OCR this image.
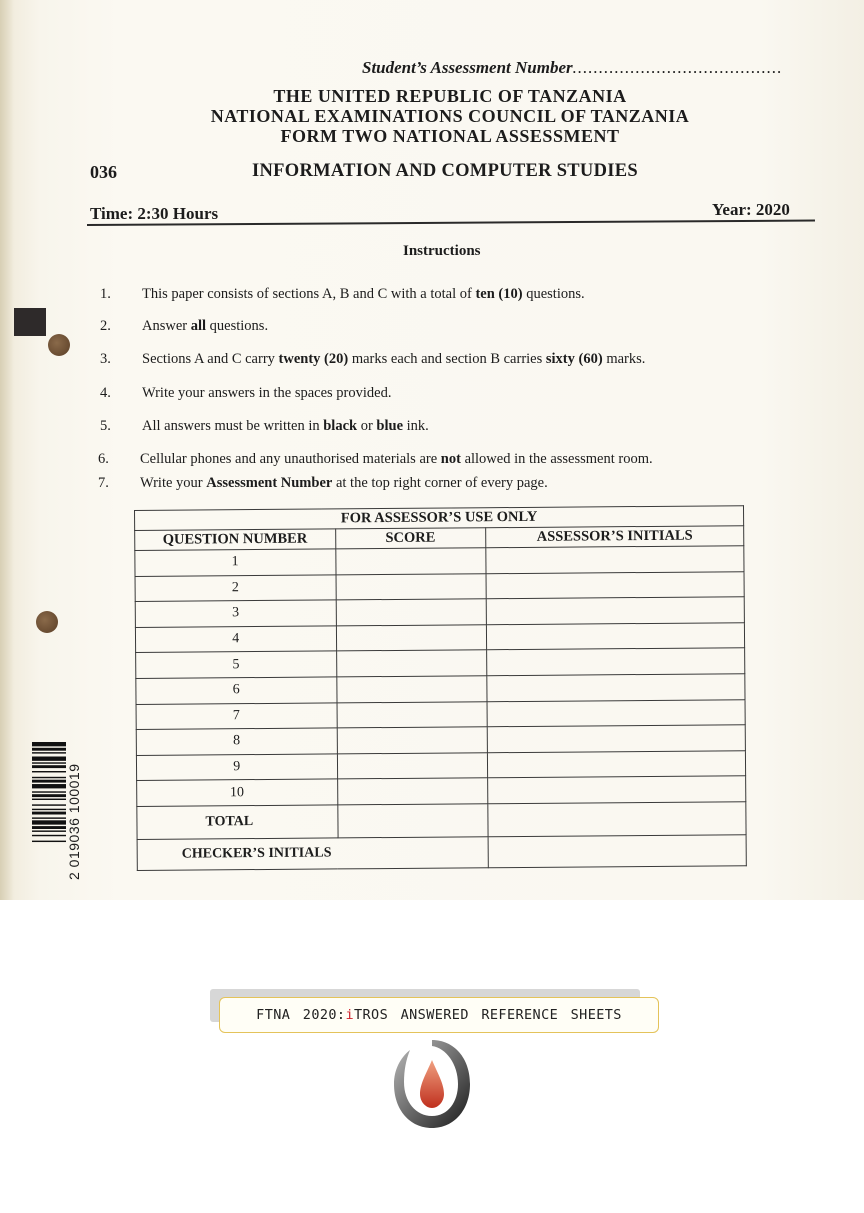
Student’s Assessment Number........................................
THE UNITED REPUBLIC OF TANZANIA
NATIONAL EXAMINATIONS COUNCIL OF TANZANIA
FORM TWO NATIONAL ASSESSMENT
036	INFORMATION AND COMPUTER STUDIES
Time: 2:30 Hours	Year: 2020
Instructions
1. This paper consists of sections A, B and C with a total of ten (10) questions.
2. Answer all questions.
3. Sections A and C carry twenty (20) marks each and section B carries sixty (60) marks.
4. Write your answers in the spaces provided.
5. All answers must be written in black or blue ink.
6. Cellular phones and any unauthorised materials are not allowed in the assessment room.
7. Write your Assessment Number at the top right corner of every page.
FOR ASSESSOR’S USE ONLY		
QUESTION NUMBER	SCORE	ASSESSOR’S INITIALS
1		
2		
3		
4		
5		
6		
7		
8		
9		
10		
TOTAL		
CHECKER’S INITIALS		
2 019036 100019
FTNA 2020: i TROS ANSWERED REFERENCE SHEETS
